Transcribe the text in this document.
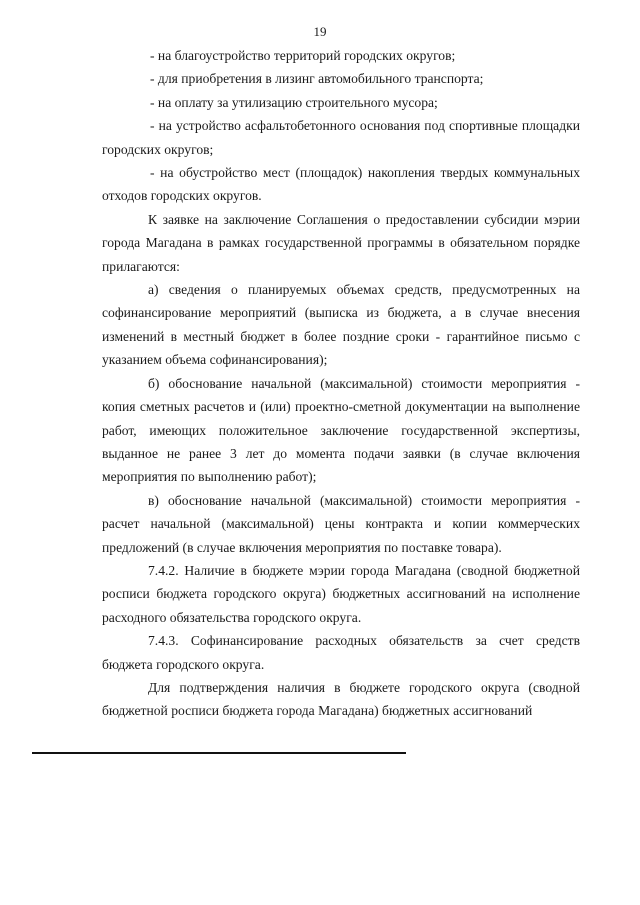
19

- на благоустройство территорий городских округов;

- для приобретения в лизинг автомобильного транспорта;

- на оплату за утилизацию строительного мусора;

- на устройство асфальтобетонного основания под спортивные площадки городских округов;

- на обустройство мест (площадок) накопления твердых коммунальных отходов городских округов.

К заявке на заключение Соглашения о предоставлении субсидии мэрии города Магадана в рамках государственной программы в обязательном порядке прилагаются:

а) сведения о планируемых объемах средств, предусмотренных на софинансирование мероприятий (выписка из бюджета, а в случае внесения изменений в местный бюджет в более поздние сроки - гарантийное письмо с указанием объема софинансирования);

б) обоснование начальной (максимальной) стоимости мероприятия - копия сметных расчетов и (или) проектно-сметной документации на выполнение работ, имеющих положительное заключение государственной экспертизы, выданное не ранее 3 лет до момента подачи заявки (в случае включения мероприятия по выполнению работ);

в) обоснование начальной (максимальной) стоимости мероприятия - расчет начальной (максимальной) цены контракта и копии коммерческих предложений (в случае включения мероприятия по поставке товара).

7.4.2. Наличие в бюджете мэрии города Магадана (сводной бюджетной росписи бюджета городского округа) бюджетных ассигнований на исполнение расходного обязательства городского округа.

7.4.3. Софинансирование расходных обязательств за счет средств бюджета городского округа.

Для подтверждения наличия в бюджете городского округа (сводной бюджетной росписи бюджета города Магадана) бюджетных ассигнований
